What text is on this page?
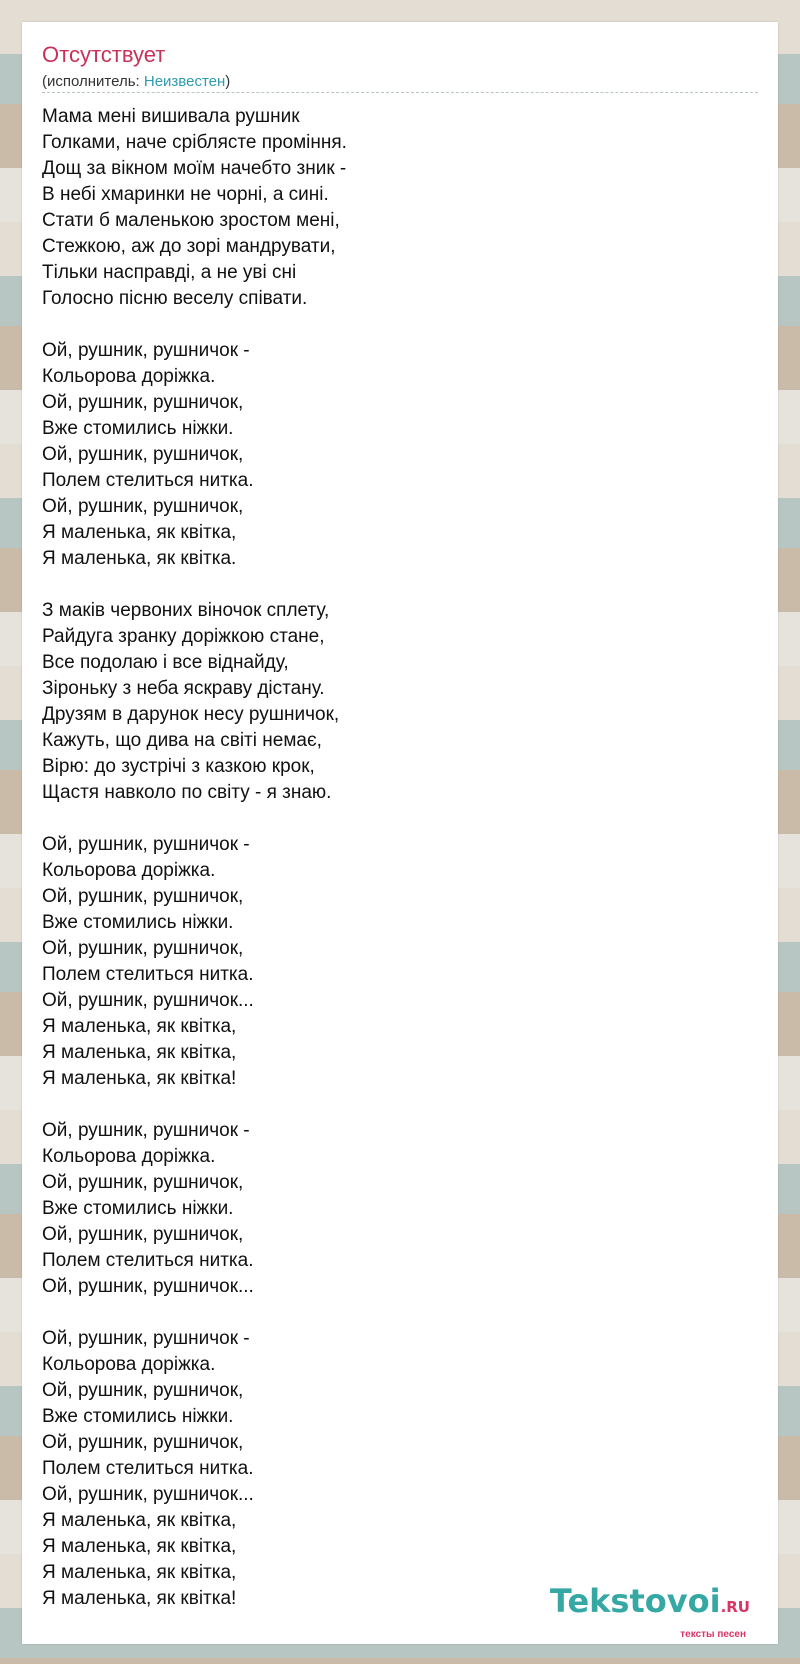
Отсутствует
(исполнитель: Неизвестен)
Мама мені вишивала рушник
Голками, наче сріблясте проміння.
Дощ за вікном моїм начебто зник -
В небі хмаринки не чорні, а сині.
Стати б маленькою зростом мені,
Стежкою, аж до зорі мандрувати,
Тільки насправді, а не уві сні
Голосно пісню веселу співати.
Ой, рушник, рушничок -
Кольорова доріжка.
Ой, рушник, рушничок,
Вже стомились ніжки.
Ой, рушник, рушничок,
Полем стелиться нитка.
Ой, рушник, рушничок,
Я маленька, як квітка,
Я маленька, як квітка.
З маків червоних віночок сплету,
Райдуга зранку доріжкою стане,
Все подолаю і все віднайду,
Зіроньку з неба яскраву дістану.
Друзям в дарунок несу рушничок,
Кажуть, що дива на світі немає,
Вірю: до зустрічі з казкою крок,
Щастя навколо по світу - я знаю.
Ой, рушник, рушничок -
Кольорова доріжка.
Ой, рушник, рушничок,
Вже стомились ніжки.
Ой, рушник, рушничок,
Полем стелиться нитка.
Ой, рушник, рушничок...
Я маленька, як квітка,
Я маленька, як квітка,
Я маленька, як квітка!
Ой, рушник, рушничок -
Кольорова доріжка.
Ой, рушник, рушничок,
Вже стомились ніжки.
Ой, рушник, рушничок,
Полем стелиться нитка.
Ой, рушник, рушничок...
Ой, рушник, рушничок -
Кольорова доріжка.
Ой, рушник, рушничок,
Вже стомились ніжки.
Ой, рушник, рушничок,
Полем стелиться нитка.
Ой, рушник, рушничок...
Я маленька, як квітка,
Я маленька, як квітка,
Я маленька, як квітка,
Я маленька, як квітка!	Tekstovoi.RU
тексты песен
